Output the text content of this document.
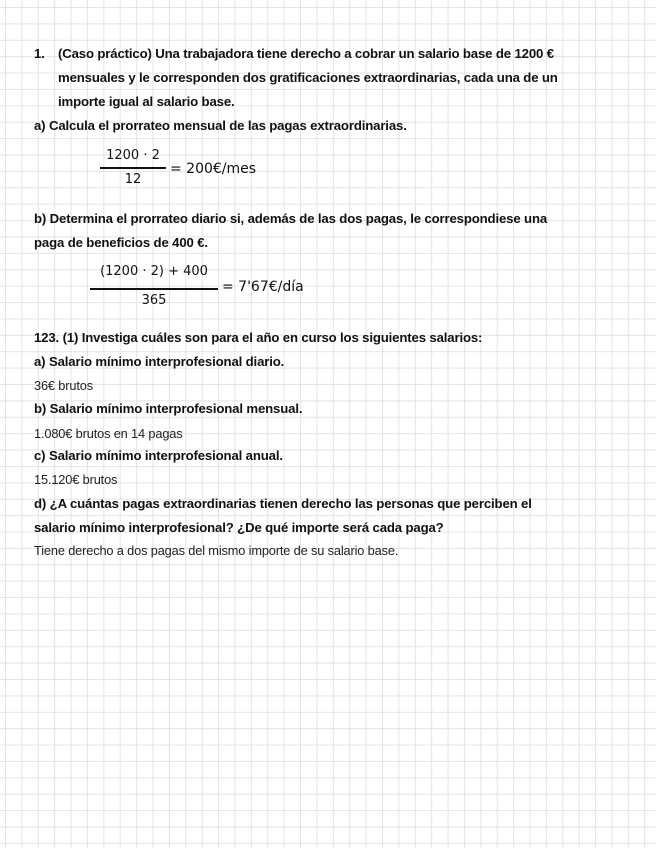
1. (Caso práctico) Una trabajadora tiene derecho a cobrar un salario base de 1200 €
mensuales y le corresponden dos gratificaciones extraordinarias, cada una de un
importe igual al salario base.
a) Calcula el prorrateo mensual de las pagas extraordinarias.
1200 · 2
12
= 200€/mes
b) Determina el prorrateo diario si, además de las dos pagas, le correspondiese una
paga de beneficios de 400 €.
(1200 · 2) + 400
365
= 7'67€/día
123. (1) Investiga cuáles son para el año en curso los siguientes salarios:
a) Salario mínimo interprofesional diario.
36€ brutos
b) Salario mínimo interprofesional mensual.
1.080€ brutos en 14 pagas
c) Salario mínimo interprofesional anual.
15.120€ brutos
d) ¿A cuántas pagas extraordinarias tienen derecho las personas que perciben el
salario mínimo interprofesional? ¿De qué importe será cada paga?
Tiene derecho a dos pagas del mismo importe de su salario base.
